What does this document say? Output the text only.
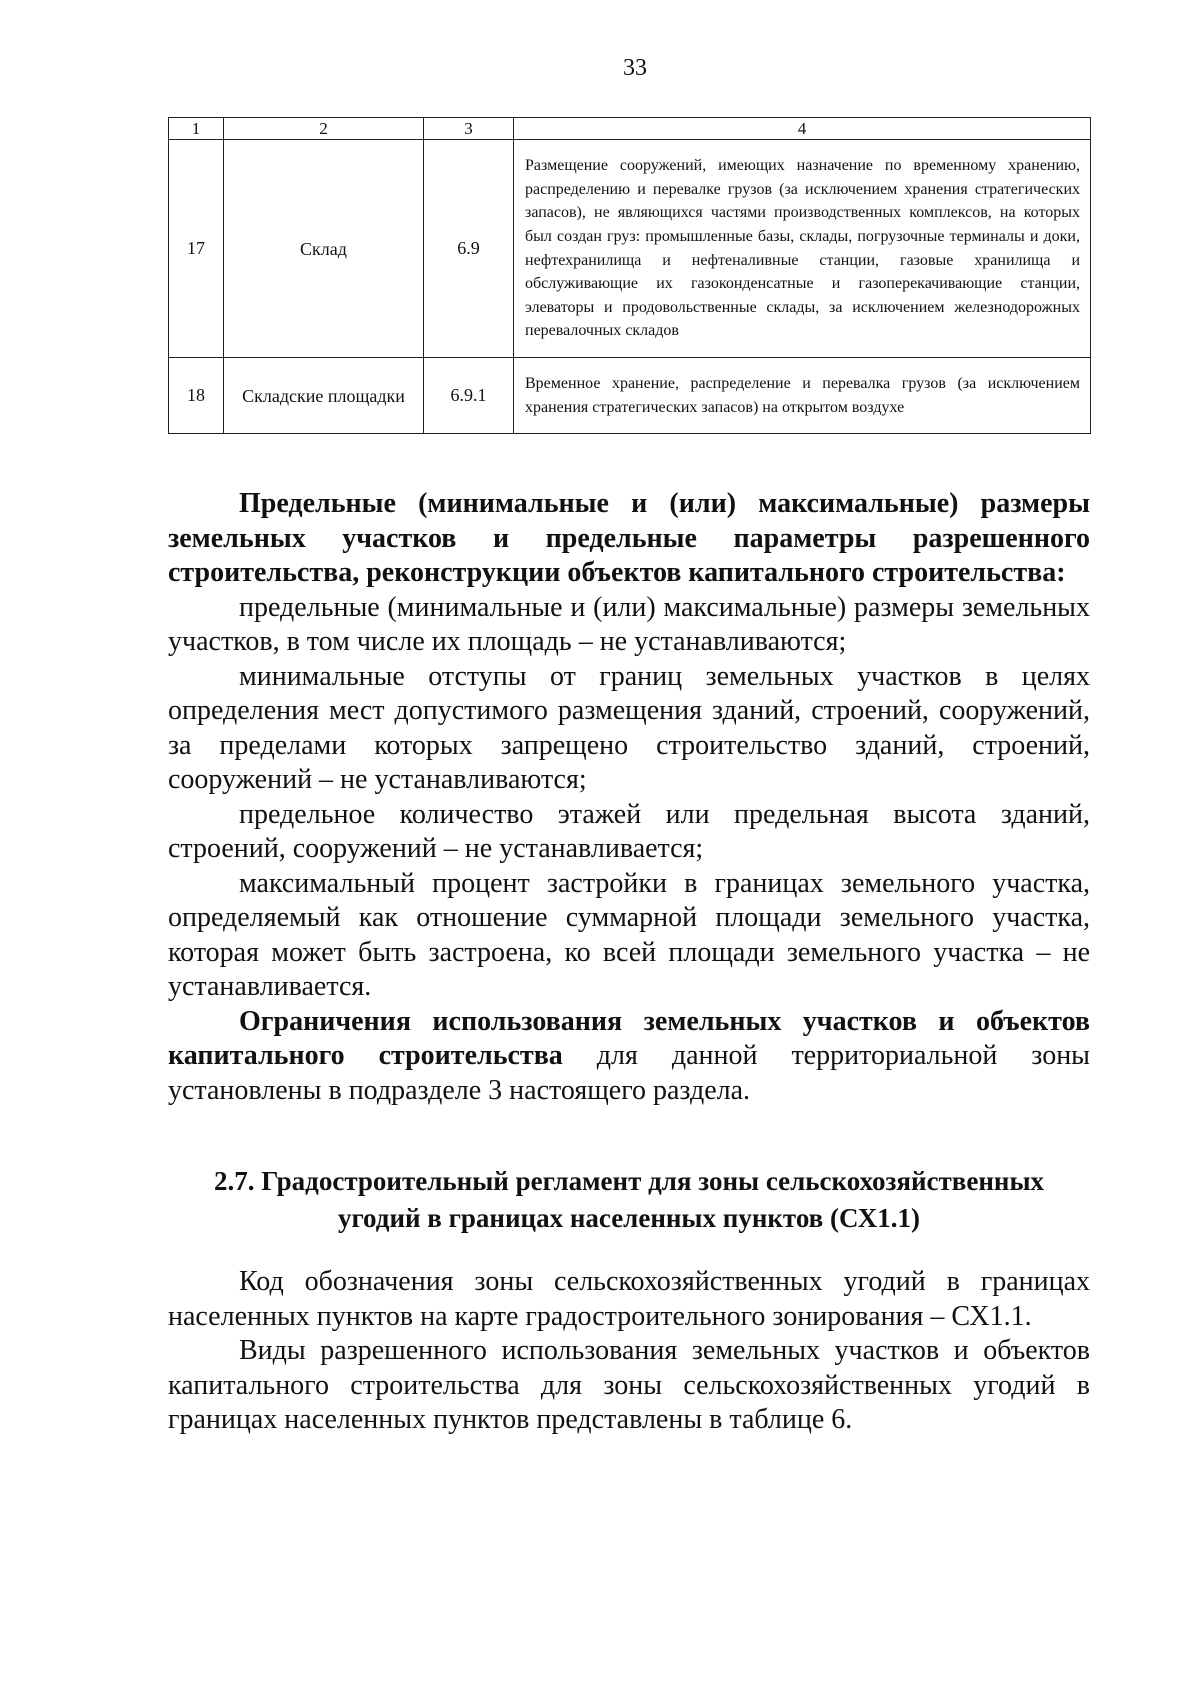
33
1	2	3	4
17	Склад	6.9	Размещение сооружений, имеющих назначение по временному хранению, распределению и перевалке грузов (за исключением хранения стратегических запасов), не являющихся частями производственных комплексов, на которых был создан груз: промышленные базы, склады, погрузочные терминалы и доки, нефтехранилища и нефтеналивные станции, газовые хранилища и обслуживающие их газоконденсатные и газоперекачивающие станции, элеваторы и продовольственные склады, за исключением железнодорожных перевалочных складов
18	Складские площадки	6.9.1	Временное хранение, распределение и перевалка грузов (за исключением хранения стратегических запасов) на открытом воздухе

Предельные (минимальные и (или) максимальные) размеры земельных участков и предельные параметры разрешенного строительства, реконструкции объектов капитального строительства:

предельные (минимальные и (или) максимальные) размеры земельных участков, в том числе их площадь – не устанавливаются;

минимальные отступы от границ земельных участков в целях определения мест допустимого размещения зданий, строений, сооружений, за пределами которых запрещено строительство зданий, строений, сооружений – не устанавливаются;

предельное количество этажей или предельная высота зданий, строений, сооружений – не устанавливается;

максимальный процент застройки в границах земельного участка, определяемый как отношение суммарной площади земельного участка, которая может быть застроена, ко всей площади земельного участка – не устанавливается.

Ограничения использования земельных участков и объектов капитального строительства для данной территориальной зоны установлены в подразделе 3 настоящего раздела.

2.7. Градостроительный регламент для зоны сельскохозяйственных
угодий в границах населенных пунктов (СХ1.1)

Код обозначения зоны сельскохозяйственных угодий в границах населенных пунктов на карте градостроительного зонирования – СХ1.1.

Виды разрешенного использования земельных участков и объектов капитального строительства для зоны сельскохозяйственных угодий в границах населенных пунктов представлены в таблице 6.
